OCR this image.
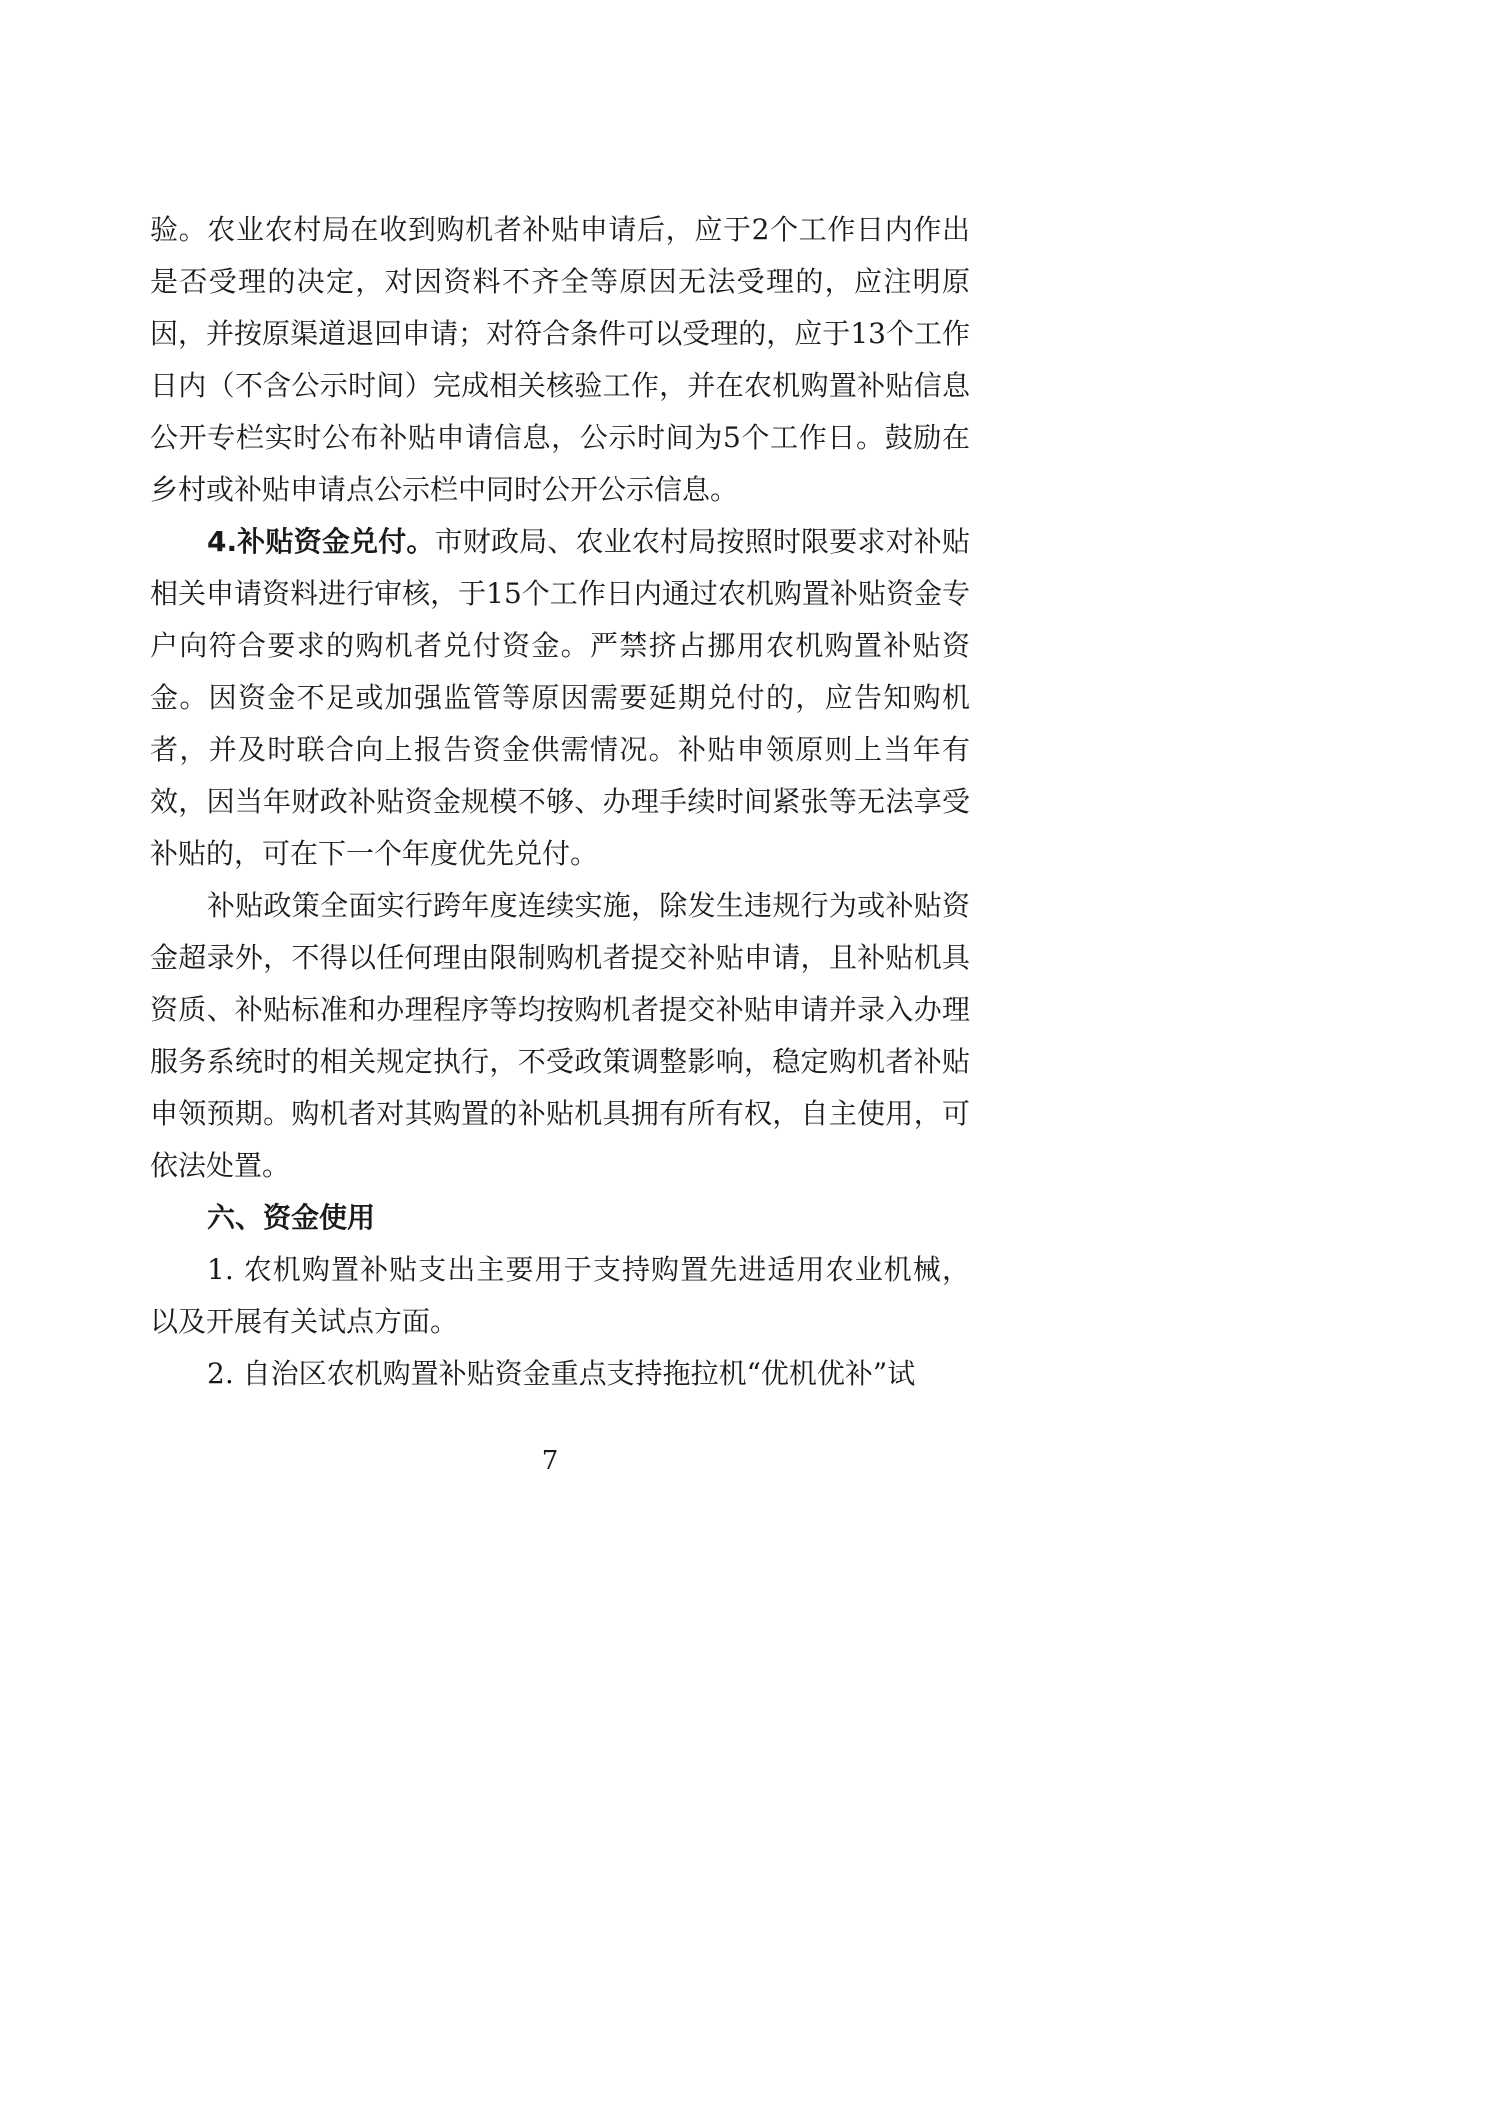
验。农业农村局在收到购机者补贴申请后，应于2个工作日内作出是否受理的决定，对因资料不齐全等原因无法受理的，应注明原因，并按原渠道退回申请；对符合条件可以受理的，应于13个工作日内（不含公示时间）完成相关核验工作，并在农机购置补贴信息公开专栏实时公布补贴申请信息，公示时间为5个工作日。鼓励在乡村或补贴申请点公示栏中同时公开公示信息。

4.补贴资金兑付。市财政局、农业农村局按照时限要求对补贴相关申请资料进行审核，于15个工作日内通过农机购置补贴资金专户向符合要求的购机者兑付资金。严禁挤占挪用农机购置补贴资金。因资金不足或加强监管等原因需要延期兑付的，应告知购机者，并及时联合向上报告资金供需情况。补贴申领原则上当年有效，因当年财政补贴资金规模不够、办理手续时间紧张等无法享受补贴的，可在下一个年度优先兑付。

补贴政策全面实行跨年度连续实施，除发生违规行为或补贴资金超录外，不得以任何理由限制购机者提交补贴申请，且补贴机具资质、补贴标准和办理程序等均按购机者提交补贴申请并录入办理服务系统时的相关规定执行，不受政策调整影响，稳定购机者补贴申领预期。购机者对其购置的补贴机具拥有所有权，自主使用，可依法处置。

六、资金使用

1. 农机购置补贴支出主要用于支持购置先进适用农业机械，以及开展有关试点方面。

2. 自治区农机购置补贴资金重点支持拖拉机“优机优补”试

7
